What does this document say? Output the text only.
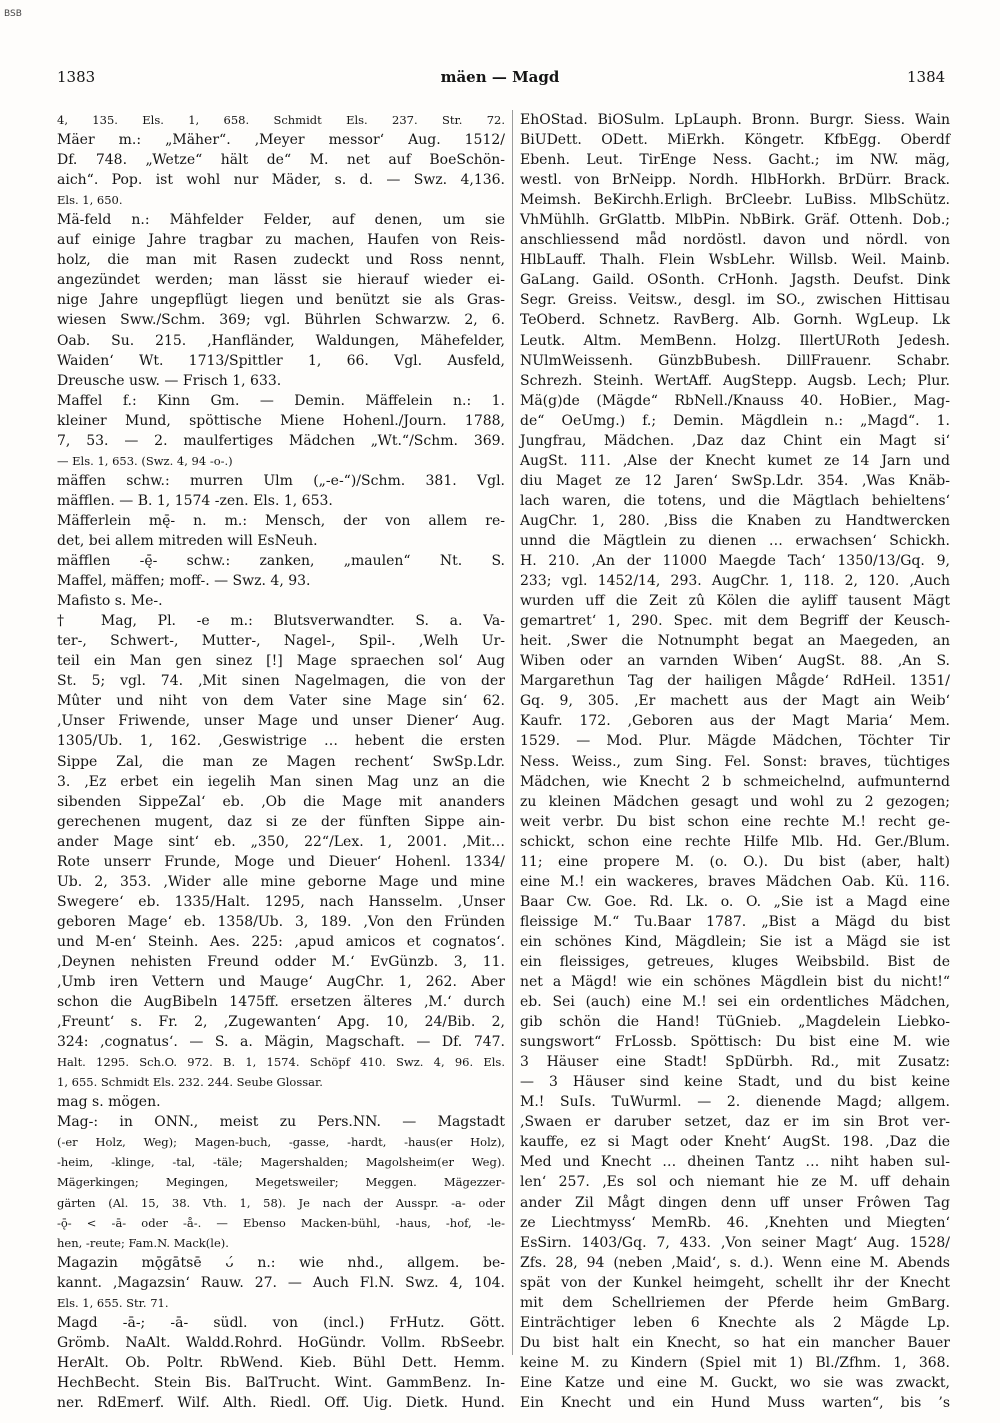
BSB
1383	mäen — Magd	1384
4, 135. Els. 1, 658. Schmidt Els. 237. Str. 72.
Mäer m.: „Mäher“. ‚Meyer messor‘ Aug. 1512/
Df. 748. „Wetze“ hält de“ M. net auf BoeSchön-
aich“. Pop. ist wohl nur Mäder, s. d. — Swz. 4,136.
Els. 1, 650.
Mä-feld n.: Mähfelder Felder, auf denen, um sie
auf einige Jahre tragbar zu machen, Haufen von Reis-
holz, die man mit Rasen zudeckt und Ross nennt,
angezündet werden; man lässt sie hierauf wieder ei-
nige Jahre ungepflügt liegen und benützt sie als Gras-
wiesen Sww./Schm. 369; vgl. Bührlen Schwarzw. 2, 6.
Oab. Su. 215. ‚Hanfländer, Waldungen, Mähefelder,
Waiden‘ Wt. 1713/Spittler 1, 66. Vgl. Ausfeld,
Dreusche usw. — Frisch 1, 633.
Maffel f.: Kinn Gm. — Demin. Mäffelein n.: 1.
kleiner Mund, spöttische Miene Hohenl./Journ. 1788,
7, 53. — 2. maulfertiges Mädchen „Wt.“/Schm. 369.
— Els. 1, 653. (Swz. 4, 94 -o-.)
mäffen schw.: murren Ulm („-e-“)/Schm. 381. Vgl.
mäfflen. — B. 1, 1574 -zen. Els. 1, 653.
Mäfferlein mę̄- n. m.: Mensch, der von allem re-
det, bei allem mitreden will EsNeuh.
mäfflen -ę̄- schw.: zanken, „maulen“ Nt. S.
Maffel, mäffen; moff-. — Swz. 4, 93.
Mafisto s. Me-.
† Mag, Pl. -e m.: Blutsverwandter. S. a. Va-
ter-, Schwert-, Mutter-, Nagel-, Spil-. ‚Welh Ur-
teil ein Man gen sinez [!] Mage spraechen sol‘ Aug
St. 5; vgl. 74. ‚Mit sinen Nagelmagen, die von der
Mûter und niht von dem Vater sine Mage sin‘ 62.
‚Unser Friwende, unser Mage und unser Diener‘ Aug.
1305/Ub. 1, 162. ‚Geswistrige … hebent die ersten
Sippe Zal, die man ze Magen rechent‘ SwSp.Ldr.
3. ‚Ez erbet ein iegelih Man sinen Mag unz an die
sibenden SippeZal‘ eb. ‚Ob die Mage mit ananders
gerechenen mugent, daz si ze der fünften Sippe ain-
ander Mage sint‘ eb. „350, 22“/Lex. 1, 2001. ‚Mit…
Rote unserr Frunde, Moge und Dieuer‘ Hohenl. 1334/
Ub. 2, 353. ‚Wider alle mine geborne Mage und mine
Swegere‘ eb. 1335/Halt. 1295, nach Hansselm. ‚Unser
geboren Mage‘ eb. 1358/Ub. 3, 189. ‚Von den Fründen
und M-en‘ Steinh. Aes. 225: ‚apud amicos et cognatos‘.
‚Deynen nehisten Freund odder M.‘ EvGünzb. 3, 11.
‚Umb iren Vettern und Mauge‘ AugChr. 1, 262. Aber
schon die AugBibeln 1475ff. ersetzen älteres ‚M.‘ durch
‚Freunt‘ s. Fr. 2, ‚Zugewanten‘ Apg. 10, 24/Bib. 2,
324: ‚cognatus‘. — S. a. Mägin, Magschaft. — Df. 747.
Halt. 1295. Sch.O. 972. B. 1, 1574. Schöpf 410. Swz. 4, 96. Els.
1, 655. Schmidt Els. 232. 244. Seube Glossar.
mag s. mögen.
Mag-: in ONN., meist zu Pers.NN. — Magstadt
(-er Holz, Weg); Magen-buch, -gasse, -hardt, -haus(er Holz),
-heim, -klinge, -tal, -täle; Magershalden; Magolsheim(er Weg).
Mägerkingen; Megingen, Megetsweiler; Meggen. Mägezzer-
gärten (Al. 15, 38. Vth. 1, 58). Je nach der Ausspr. -a- oder
-ǭ- < -ā- oder -å-. — Ebenso Macken-bühl, -haus, -hof, -le-
hen, -reute; Fam.N. Mack(le).
Magazin mǭgātsē ᴗ́ n.: wie nhd., allgem. be-
kannt. ‚Magazsin‘ Rauw. 27. — Auch Fl.N. Swz. 4, 104.
Els. 1, 655. Str. 71.
Magd -ā-; -ā- südl. von (incl.) FrHutz. Gött.
Grömb. NaAlt. Waldd.Rohrd. HoGündr. Vollm. RbSeebr.
HerAlt. Ob. Poltr. RbWend. Kieb. Bühl Dett. Hemm.
HechBecht. Stein Bis. BalTrucht. Wint. GammBenz. In-
ner. RdEmerf. Wilf. Alth. Riedl. Off. Uig. Dietk. Hund.
EhOStad. BiOSulm. LpLauph. Bronn. Burgr. Siess. Wain
BiUDett. ODett. MiErkh. Köngetr. KfbEgg. Oberdf
Ebenh. Leut. TirEnge Ness. Gacht.; im NW. mäg,
westl. von BrNeipp. Nordh. HlbHorkh. BrDürr. Brack.
Meimsh. BeKirchh.Erligh. BrCleebr. LuBiss. MlbSchütz.
VhMühlh. GrGlattb. MlbPin. NbBirk. Gräf. Ottenh. Dob.;
anschliessend mǟd nordöstl. davon und nördl. von
HlbLauff. Thalh. Flein WsbLehr. Willsb. Weil. Mainb.
GaLang. Gaild. OSonth. CrHonh. Jagsth. Deufst. Dink
Segr. Greiss. Veitsw., desgl. im SO., zwischen Hittisau
TeOberd. Schnetz. RavBerg. Alb. Gornh. WgLeup. Lk
Leutk. Altm. MemBenn. Holzg. IllertURoth Jedesh.
NUlmWeissenh. GünzbBubesh. DillFrauenr. Schabr.
Schrezh. Steinh. WertAff. AugStepp. Augsb. Lech; Plur.
Mä(g)de (Mägde“ RbNell./Knauss 40. HoBier., Mag-
de“ OeUmg.) f.; Demin. Mägdlein n.: „Magd“. 1.
Jungfrau, Mädchen. ‚Daz daz Chint ein Magt si‘
AugSt. 111. ‚Alse der Knecht kumet ze 14 Jarn und
diu Maget ze 12 Jaren‘ SwSp.Ldr. 354. ‚Was Knäb-
lach waren, die totens, und die Mägtlach behieltens‘
AugChr. 1, 280. ‚Biss die Knaben zu Handtwercken
unnd die Mägtlein zu dienen … erwachsen‘ Schickh.
H. 210. ‚An der 11000 Maegde Tach‘ 1350/13/Gq. 9,
233; vgl. 1452/14, 293. AugChr. 1, 118. 2, 120. ‚Auch
wurden uff die Zeit zû Kölen die ayliff tausent Mägt
gemartret‘ 1, 290. Spec. mit dem Begriff der Keusch-
heit. ‚Swer die Notnumpht begat an Maegeden, an
Wiben oder an varnden Wiben‘ AugSt. 88. ‚An S.
Margarethun Tag der hailigen Mågde‘ RdHeil. 1351/
Gq. 9, 305. ‚Er machett aus der Magt ain Weib‘
Kaufr. 172. ‚Geboren aus der Magt Maria‘ Mem.
1529. — Mod. Plur. Mägde Mädchen, Töchter Tir
Ness. Weiss., zum Sing. Fel. Sonst: braves, tüchtiges
Mädchen, wie Knecht 2 b schmeichelnd, aufmunternd
zu kleinen Mädchen gesagt und wohl zu 2 gezogen;
weit verbr. Du bist schon eine rechte M.! recht ge-
schickt, schon eine rechte Hilfe Mlb. Hd. Ger./Blum.
11; eine propere M. (o. O.). Du bist (aber, halt)
eine M.! ein wackeres, braves Mädchen Oab. Kü. 116.
Baar Cw. Goe. Rd. Lk. o. O. „Sie ist a Magd eine
fleissige M.“ Tu.Baar 1787. „Bist a Mägd du bist
ein schönes Kind, Mägdlein; Sie ist a Mägd sie ist
ein fleissiges, getreues, kluges Weibsbild. Bist de
net a Mägd! wie ein schönes Mägdlein bist du nicht!“
eb. Sei (auch) eine M.! sei ein ordentliches Mädchen,
gib schön die Hand! TüGnieb. „Magdelein Liebko-
sungswort“ FrLossb. Spöttisch: Du bist eine M. wie
3 Häuser eine Stadt! SpDürbh. Rd., mit Zusatz:
— 3 Häuser sind keine Stadt, und du bist keine
M.! SuIs. TuWurml. — 2. dienende Magd; allgem.
‚Swaen er daruber setzet, daz er im sin Brot ver-
kauffe, ez si Magt oder Kneht‘ AugSt. 198. ‚Daz die
Med und Knecht … dheinen Tantz … niht haben sul-
len‘ 257. ‚Es sol och niemant hie ze M. uff dehain
ander Zil Mågt dingen denn uff unser Frôwen Tag
ze Liechtmyss‘ MemRb. 46. ‚Knehten und Miegten‘
EsSirn. 1403/Gq. 7, 433. ‚Von seiner Magt‘ Aug. 1528/
Zfs. 28, 94 (neben ‚Maid‘, s. d.). Wenn eine M. Abends
spät von der Kunkel heimgeht, schellt ihr der Knecht
mit dem Schellriemen der Pferde heim GmBarg.
Einträchtiger leben 6 Knechte als 2 Mägde Lp.
Du bist halt ein Knecht, so hat ein mancher Bauer
keine M. zu Kindern (Spiel mit 1) Bl./Zfhm. 1, 368.
Eine Katze und eine M. Guckt, wo sie was zwackt,
Ein Knecht und ein Hund Muss warten“, bis ’s
